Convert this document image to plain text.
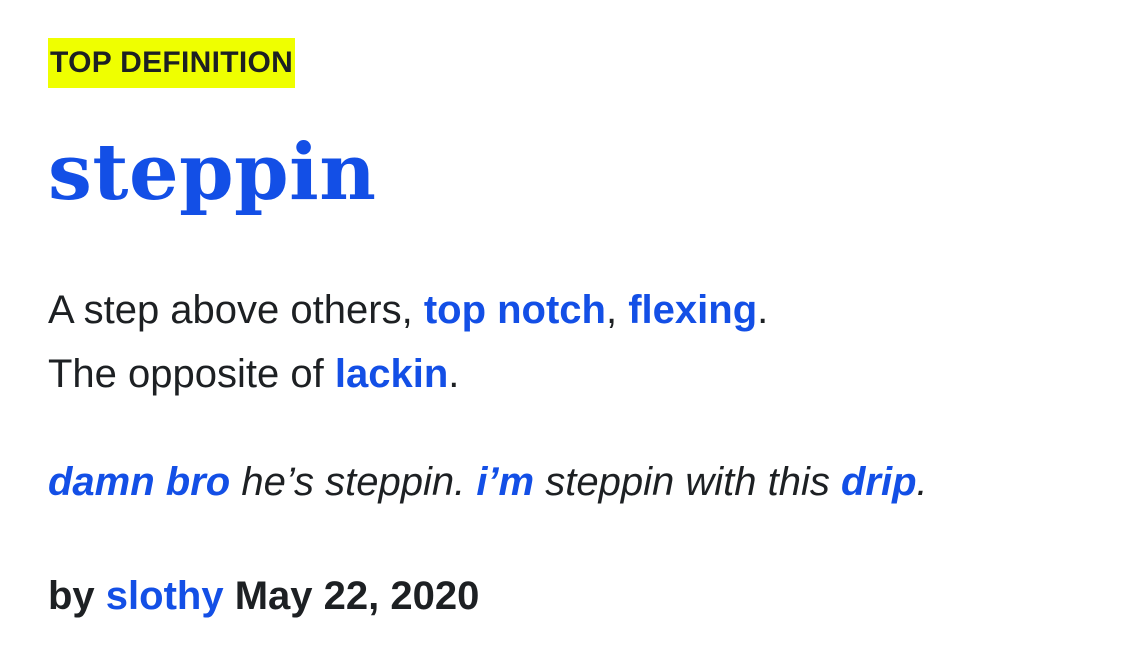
TOP DEFINITION
steppin
A step above others, top notch, flexing.
The opposite of lackin.
damn bro he’s steppin. i’m steppin with this drip.
by slothy May 22, 2020
